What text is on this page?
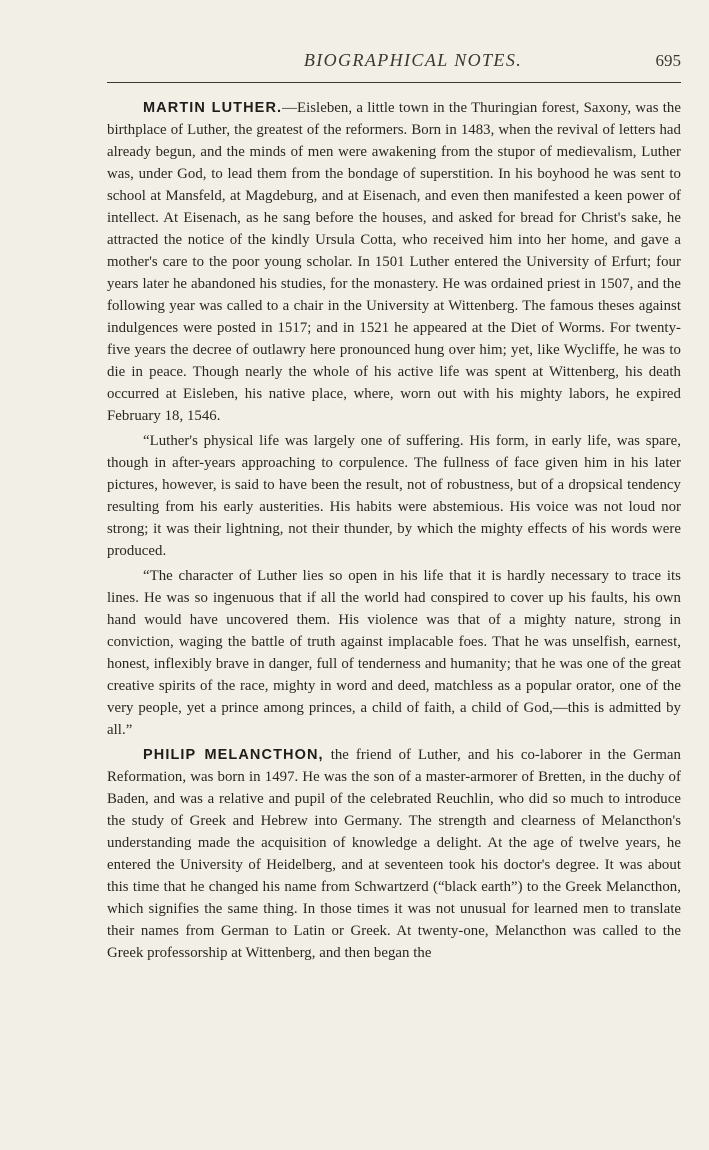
BIOGRAPHICAL NOTES.	695

MARTIN LUTHER.—Eisleben, a little town in the Thuringian forest, Saxony, was the birthplace of Luther, the greatest of the reformers. Born in 1483, when the revival of letters had already begun, and the minds of men were awakening from the stupor of medievalism, Luther was, under God, to lead them from the bondage of superstition. In his boyhood he was sent to school at Mansfeld, at Magdeburg, and at Eisenach, and even then manifested a keen power of intellect. At Eisenach, as he sang before the houses, and asked for bread for Christ's sake, he attracted the notice of the kindly Ursula Cotta, who received him into her home, and gave a mother's care to the poor young scholar. In 1501 Luther entered the University of Erfurt; four years later he abandoned his studies, for the monastery. He was ordained priest in 1507, and the following year was called to a chair in the University at Wittenberg. The famous theses against indulgences were posted in 1517; and in 1521 he appeared at the Diet of Worms. For twenty-five years the decree of outlawry here pronounced hung over him; yet, like Wycliffe, he was to die in peace. Though nearly the whole of his active life was spent at Wittenberg, his death occurred at Eisleben, his native place, where, worn out with his mighty labors, he expired February 18, 1546.

“Luther's physical life was largely one of suffering. His form, in early life, was spare, though in after-years approaching to corpulence. The fullness of face given him in his later pictures, however, is said to have been the result, not of robustness, but of a dropsical tendency resulting from his early austerities. His habits were abstemious. His voice was not loud nor strong; it was their lightning, not their thunder, by which the mighty effects of his words were produced.

“The character of Luther lies so open in his life that it is hardly necessary to trace its lines. He was so ingenuous that if all the world had conspired to cover up his faults, his own hand would have uncovered them. His violence was that of a mighty nature, strong in conviction, waging the battle of truth against implacable foes. That he was unselfish, earnest, honest, inflexibly brave in danger, full of tenderness and humanity; that he was one of the great creative spirits of the race, mighty in word and deed, matchless as a popular orator, one of the very people, yet a prince among princes, a child of faith, a child of God,—this is admitted by all.”

PHILIP MELANCTHON, the friend of Luther, and his co-laborer in the German Reformation, was born in 1497. He was the son of a master-armorer of Bretten, in the duchy of Baden, and was a relative and pupil of the celebrated Reuchlin, who did so much to introduce the study of Greek and Hebrew into Germany. The strength and clearness of Melancthon's understanding made the acquisition of knowledge a delight. At the age of twelve years, he entered the University of Heidelberg, and at seventeen took his doctor's degree. It was about this time that he changed his name from Schwartzerd (“black earth”) to the Greek Melancthon, which signifies the same thing. In those times it was not unusual for learned men to translate their names from German to Latin or Greek. At twenty-one, Melancthon was called to the Greek professorship at Wittenberg, and then began the
